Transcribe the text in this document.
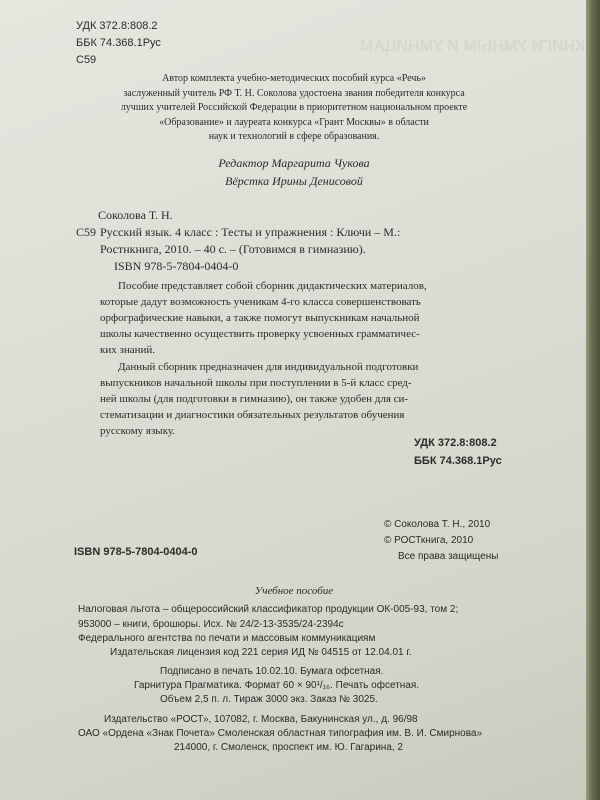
КНИГИ УМНЫМ И УМНИЦАМ
УДК 372.8:808.2
ББК 74.368.1Рус
С59
Автор комплекта учебно-методических пособий курса «Речь»
заслуженный учитель РФ Т. Н. Соколова удостоена звания победителя конкурса
лучших учителей Российской Федерации в приоритетном национальном проекте
«Образование» и лауреата конкурса «Грант Москвы» в области
наук и технологий в сфере образования.
Редактор Маргарита Чукова
Вёрстка Ирины Денисовой
Соколова Т. Н.
С59 Русский язык. 4 класс : Тесты и упражнения : Ключи – М.:
Ростнкнига, 2010. – 40 с. – (Готовимся в гимназию).
ISBN 978-5-7804-0404-0
Пособие представляет собой сборник дидактических материалов,
которые дадут возможность ученикам 4-го класса совершенствовать
орфографические навыки, а также помогут выпускникам начальной
школы качественно осуществить проверку усвоенных грамматичес-
ких знаний.
Данный сборник предназначен для индивидуальной подготовки
выпускников начальной школы при поступлении в 5-й класс сред-
ней школы (для подготовки в гимназию), он также удобен для си-
стематизации и диагностики обязательных результатов обучения
русскому языку.
УДК 372.8:808.2
ББК 74.368.1Рус
© Соколова Т. Н., 2010
© РОСТкнига, 2010
Все права защищены
ISBN 978-5-7804-0404-0
Учебное пособие
Налоговая льгота – общероссийский классификатор продукции ОК-005-93, том 2;
953000 – книги, брошюры. Исх. № 24/2-13-3535/24-2394с
Федерального агентства по печати и массовым коммуникациям
Издательская лицензия код 221 серия ИД № 04515 от 12.04.01 г.
Подписано в печать 10.02.10. Бумага офсетная.
Гарнитура Прагматика. Формат 60 × 90¹/₁₆. Печать офсетная.
Объем 2,5 п. л. Тираж 3000 экз. Заказ № 3025.
Издательство «РОСТ», 107082, г. Москва, Бакунинская ул., д. 96/98
ОАО «Ордена «Знак Почета» Смоленская областная типография им. В. И. Смирнова»
214000, г. Смоленск, проспект им. Ю. Гагарина, 2
